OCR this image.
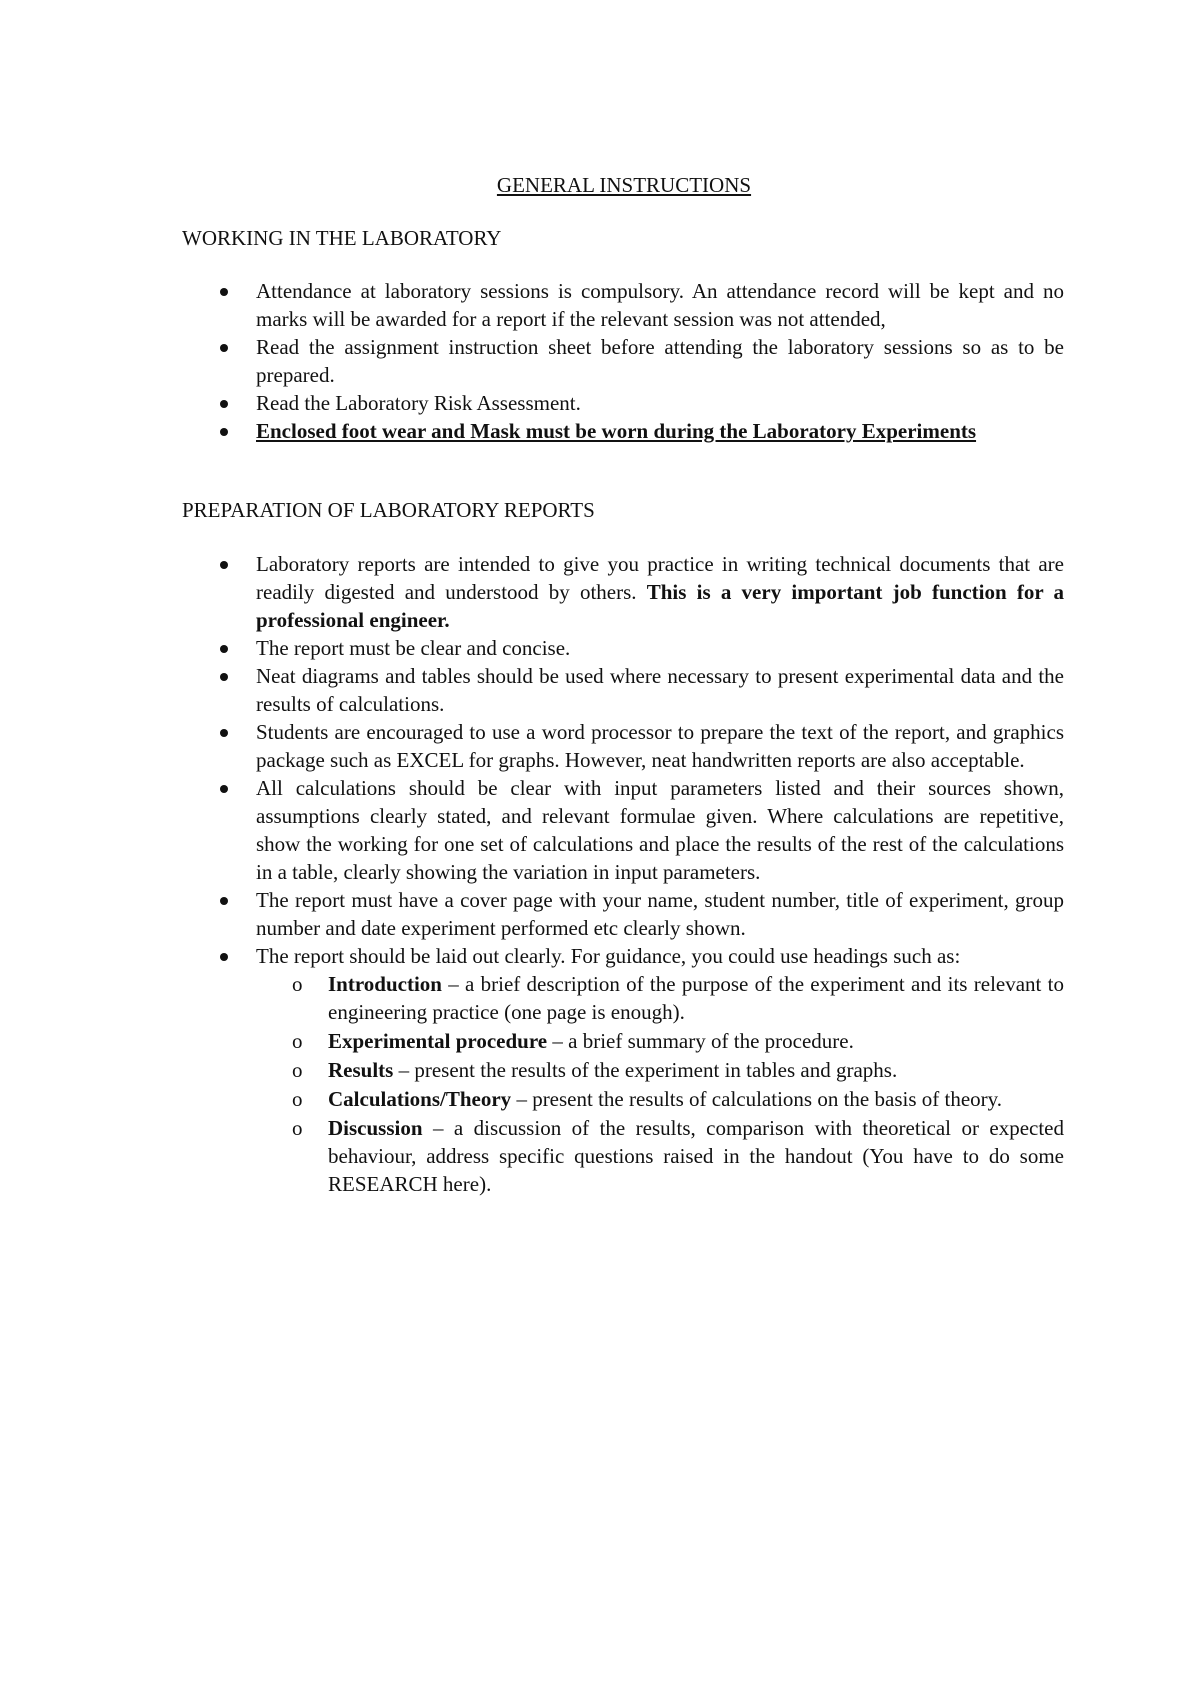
GENERAL INSTRUCTIONS
WORKING IN THE LABORATORY
Attendance at laboratory sessions is compulsory. An attendance record will be kept and no marks will be awarded for a report if the relevant session was not attended,
Read the assignment instruction sheet before attending the laboratory sessions so as to be prepared.
Read the Laboratory Risk Assessment.
Enclosed foot wear and Mask must be worn during the Laboratory Experiments
PREPARATION OF LABORATORY REPORTS
Laboratory reports are intended to give you practice in writing technical documents that are readily digested and understood by others. This is a very important job function for a professional engineer.
The report must be clear and concise.
Neat diagrams and tables should be used where necessary to present experimental data and the results of calculations.
Students are encouraged to use a word processor to prepare the text of the report, and graphics package such as EXCEL for graphs. However, neat handwritten reports are also acceptable.
All calculations should be clear with input parameters listed and their sources shown, assumptions clearly stated, and relevant formulae given. Where calculations are repetitive, show the working for one set of calculations and place the results of the rest of the calculations in a table, clearly showing the variation in input parameters.
The report must have a cover page with your name, student number, title of experiment, group number and date experiment performed etc clearly shown.
The report should be laid out clearly. For guidance, you could use headings such as:
o Introduction – a brief description of the purpose of the experiment and its relevant to engineering practice (one page is enough).
o Experimental procedure – a brief summary of the procedure.
o Results – present the results of the experiment in tables and graphs.
o Calculations/Theory – present the results of calculations on the basis of theory.
o Discussion – a discussion of the results, comparison with theoretical or expected behaviour, address specific questions raised in the handout (You have to do some RESEARCH here).
